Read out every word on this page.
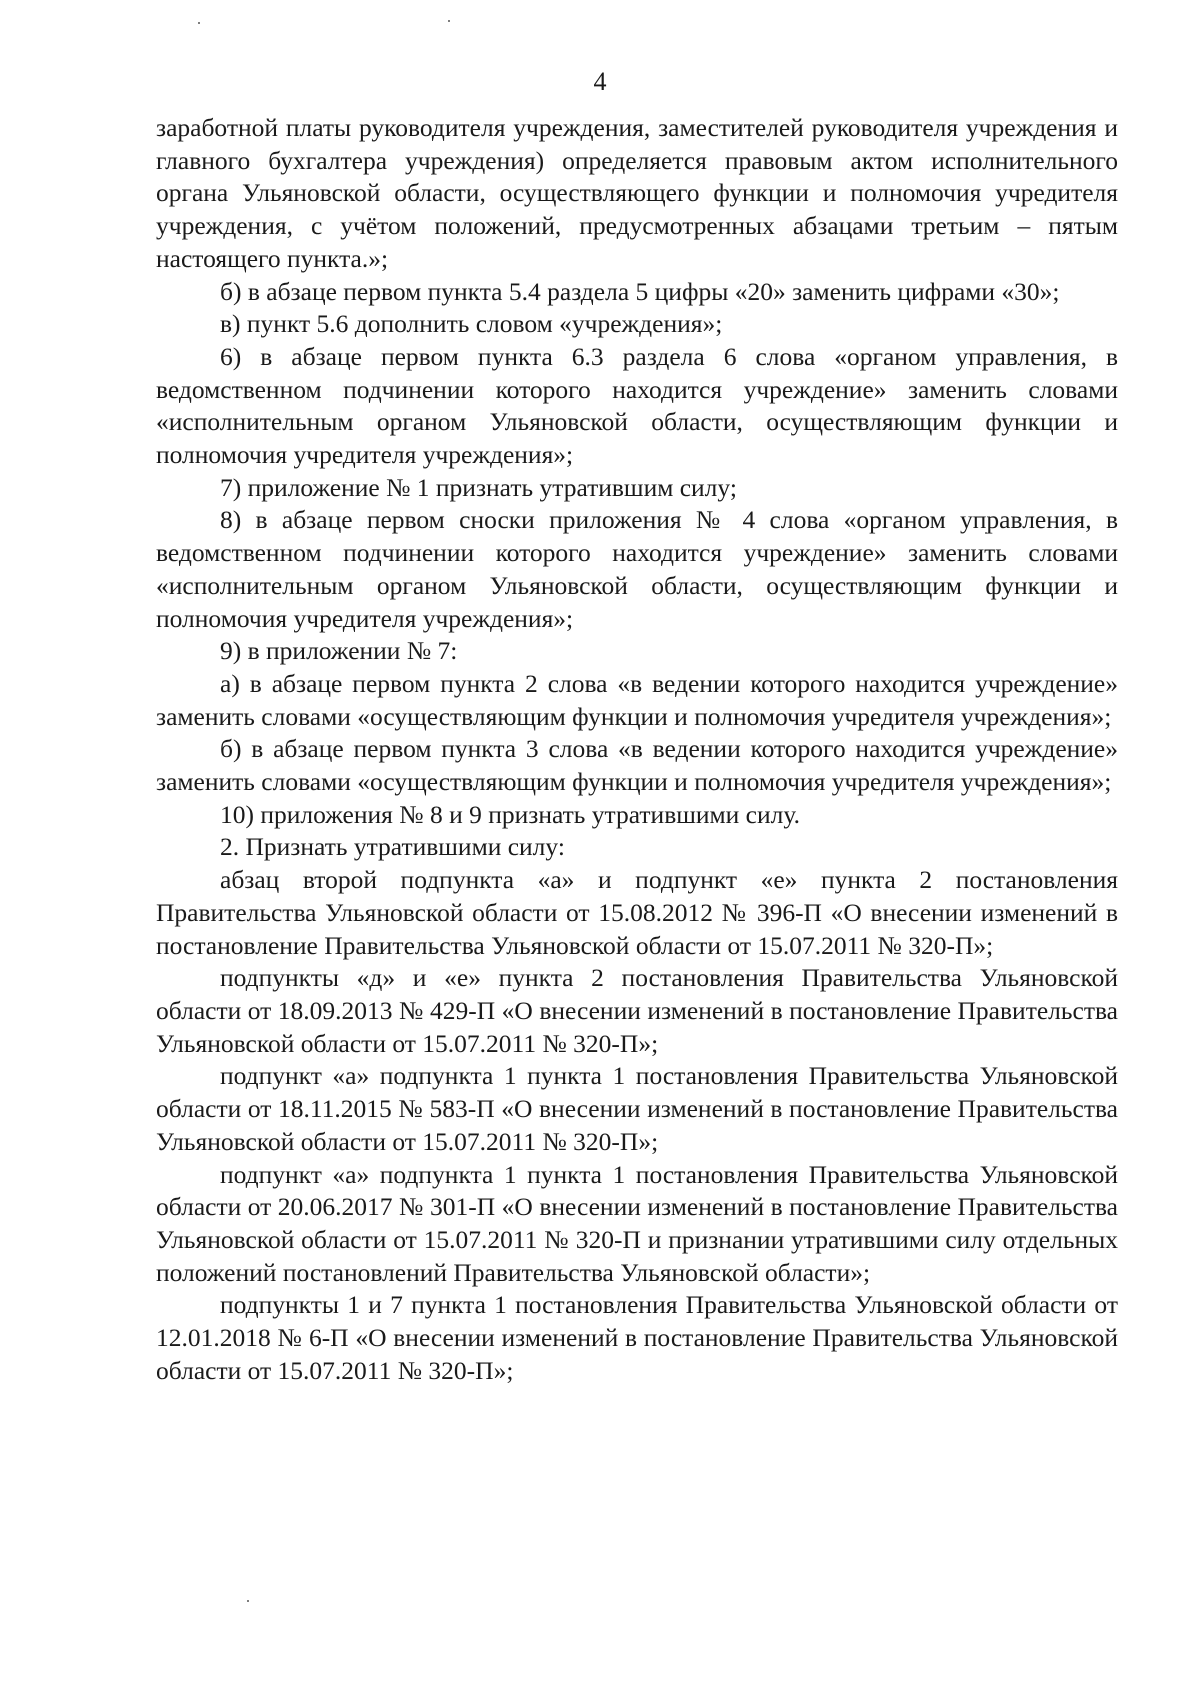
4

заработной платы руководителя учреждения, заместителей руководителя учреждения и главного бухгалтера учреждения) определяется правовым актом исполнительного органа Ульяновской области, осуществляющего функции и полномочия учредителя учреждения, с учётом положений, предусмотренных абзацами третьим – пятым настоящего пункта.»;

б) в абзаце первом пункта 5.4 раздела 5 цифры «20» заменить цифрами «30»;

в) пункт 5.6 дополнить словом «учреждения»;

6) в абзаце первом пункта 6.3 раздела 6 слова «органом управления, в ведомственном подчинении которого находится учреждение» заменить словами «исполнительным органом Ульяновской области, осуществляющим функции и полномочия учредителя учреждения»;

7) приложение № 1 признать утратившим силу;

8) в абзаце первом сноски приложения № 4 слова «органом управления, в ведомственном подчинении которого находится учреждение» заменить словами «исполнительным органом Ульяновской области, осуществляющим функции и полномочия учредителя учреждения»;

9) в приложении № 7:

а) в абзаце первом пункта 2 слова «в ведении которого находится учреждение» заменить словами «осуществляющим функции и полномочия учредителя учреждения»;

б) в абзаце первом пункта 3 слова «в ведении которого находится учреждение» заменить словами «осуществляющим функции и полномочия учредителя учреждения»;

10) приложения № 8 и 9 признать утратившими силу.

2. Признать утратившими силу:

абзац второй подпункта «а» и подпункт «е» пункта 2 постановления Правительства Ульяновской области от 15.08.2012 № 396-П «О внесении изменений в постановление Правительства Ульяновской области от 15.07.2011 № 320-П»;

подпункты «д» и «е» пункта 2 постановления Правительства Ульяновской области от 18.09.2013 № 429-П «О внесении изменений в постановление Правительства Ульяновской области от 15.07.2011 № 320-П»;

подпункт «а» подпункта 1 пункта 1 постановления Правительства Ульяновской области от 18.11.2015 № 583-П «О внесении изменений в постановление Правительства Ульяновской области от 15.07.2011 № 320-П»;

подпункт «а» подпункта 1 пункта 1 постановления Правительства Ульяновской области от 20.06.2017 № 301-П «О внесении изменений в постановление Правительства Ульяновской области от 15.07.2011 № 320-П и признании утратившими силу отдельных положений постановлений Правительства Ульяновской области»;

подпункты 1 и 7 пункта 1 постановления Правительства Ульяновской области от 12.01.2018 № 6-П «О внесении изменений в постановление Правительства Ульяновской области от 15.07.2011 № 320-П»;
